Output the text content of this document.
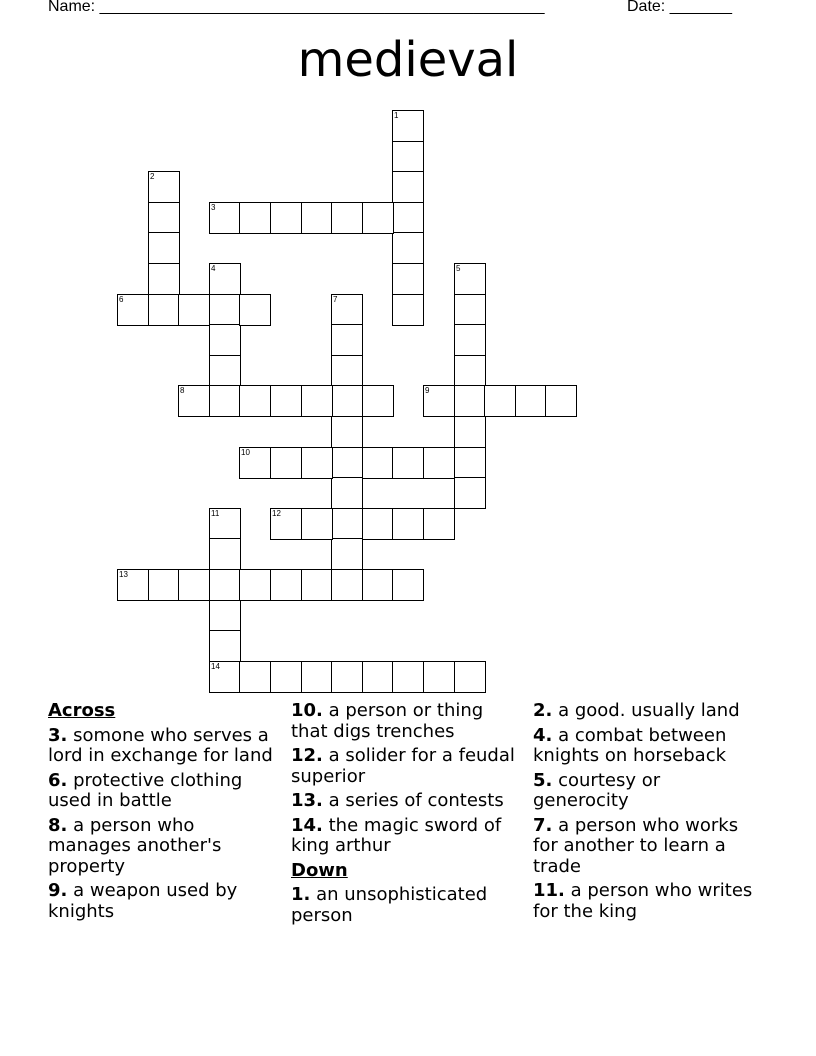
Name: __________________________________________________	Date: _______
medieval
1
2
3
4	5
6	7
8	9
10
11
14
12
13
Across
3. somone who serves a lord in exchange for land
6. protective clothing used in battle
8. a person who manages another's property
9. a weapon used by knights
10. a person or thing that digs trenches
12. a solider for a feudal superior
13. a series of contests
14. the magic sword of king arthur
Down
1. an unsophisticated person
2. a good. usually land
4. a combat between knights on horseback
5. courtesy or generocity
7. a person who works for another to learn a trade
11. a person who writes for the king
